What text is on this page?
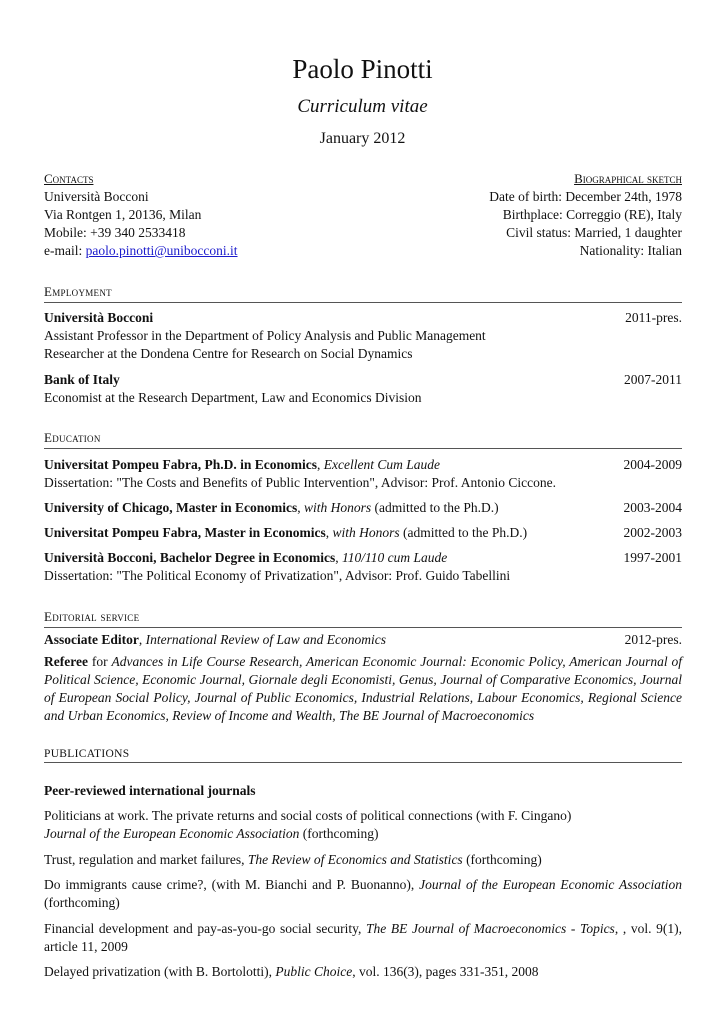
Paolo Pinotti
Curriculum vitae
January 2012
Contacts
Università Bocconi
Via Rontgen 1, 20136, Milan
Mobile: +39 340 2533418
e-mail: paolo.pinotti@unibocconi.it
Biographical sketch
Date of birth: December 24th, 1978
Birthplace: Correggio (RE), Italy
Civil status: Married, 1 daughter
Nationality: Italian
Employment
Università Bocconi	2011-pres.
Assistant Professor in the Department of Policy Analysis and Public Management
Researcher at the Dondena Centre for Research on Social Dynamics
Bank of Italy	2007-2011
Economist at the Research Department, Law and Economics Division
Education
Universitat Pompeu Fabra, Ph.D. in Economics, Excellent Cum Laude	2004-2009
Dissertation: "The Costs and Benefits of Public Intervention", Advisor: Prof. Antonio Ciccone.
University of Chicago, Master in Economics, with Honors (admitted to the Ph.D.)	2003-2004
Universitat Pompeu Fabra, Master in Economics, with Honors (admitted to the Ph.D.)	2002-2003
Università Bocconi, Bachelor Degree in Economics, 110/110 cum Laude	1997-2001
Dissertation: "The Political Economy of Privatization", Advisor: Prof. Guido Tabellini
Editorial service
Associate Editor, International Review of Law and Economics	2012-pres.
Referee for Advances in Life Course Research, American Economic Journal: Economic Policy, American Journal of Political Science, Economic Journal, Giornale degli Economisti, Genus, Journal of Comparative Economics, Journal of European Social Policy, Journal of Public Economics, Industrial Relations, Labour Economics, Regional Science and Urban Economics, Review of Income and Wealth, The BE Journal of Macroeconomics
PUBLICATIONS
Peer-reviewed international journals
Politicians at work. The private returns and social costs of political connections (with F. Cingano)
Journal of the European Economic Association (forthcoming)
Trust, regulation and market failures, The Review of Economics and Statistics (forthcoming)
Do immigrants cause crime?, (with M. Bianchi and P. Buonanno), Journal of the European Economic Association (forthcoming)
Financial development and pay-as-you-go social security, The BE Journal of Macroeconomics - Topics, , vol. 9(1), article 11, 2009
Delayed privatization (with B. Bortolotti), Public Choice, vol. 136(3), pages 331-351, 2008
